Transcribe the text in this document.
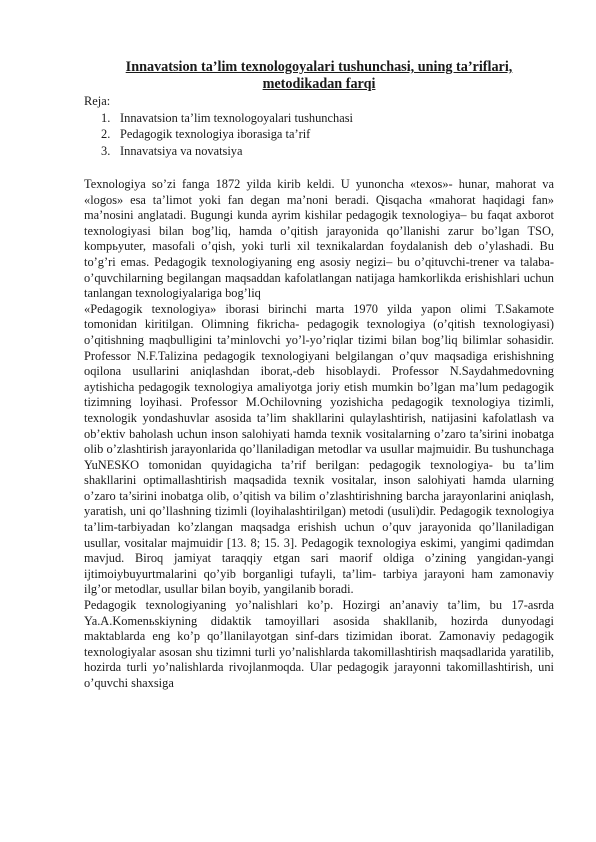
Innavatsion ta’lim texnologoyalari tushunchasi, uning ta’riflari,
metodikadan farqi
Reja:
1. Innavatsion ta’lim texnologoyalari tushunchasi
2. Pedagogik texnologiya iborasiga ta’rif
3. Innavatsiya va novatsiya

Texnologiya so’zi fanga 1872 yilda kirib keldi. U yunoncha «texos»- hunar, mahorat va «logos» esa ta’limot yoki fan degan ma’noni beradi. Qisqacha «mahorat haqidagi fan» ma’nosini anglatadi. Bugungi kunda ayrim kishilar pedagogik texnologiya– bu faqat axborot texnologiyasi bilan bog’liq, hamda o’qitish jarayonida qo’llanishi zarur bo’lgan TSO, kompьyuter, masofali o’qish, yoki turli xil texnikalardan foydalanish deb o’ylashadi. Bu to’g’ri emas. Pedagogik texnologiyaning eng asosiy negizi– bu o’qituvchi-trener va talaba-o’quvchilarning begilangan maqsaddan kafolatlangan natijaga hamkorlikda erishishlari uchun tanlangan texnologiyalariga bog’liq

«Pedagogik texnologiya» iborasi birinchi marta 1970 yilda yapon olimi T.Sakamote tomonidan kiritilgan. Olimning fikricha- pedagogik texnologiya (o’qitish texnologiyasi) o’qitishning maqbulligini ta’minlovchi yo’l-yo’riqlar tizimi bilan bog’liq bilimlar sohasidir. Professor N.F.Talizina pedagogik texnologiyani belgilangan o’quv maqsadiga erishishning oqilona usullarini aniqlashdan iborat,-deb hisoblaydi. Professor N.Saydahmedovning aytishicha pedagogik texnologiya amaliyotga joriy etish mumkin bo’lgan ma’lum pedagogik tizimning loyihasi. Professor M.Ochilovning yozishicha pedagogik texnologiya tizimli, texnologik yondashuvlar asosida ta’lim shakllarini qulaylashtirish, natijasini kafolatlash va ob’ektiv baholash uchun inson salohiyati hamda texnik vositalarning o’zaro ta’sirini inobatga olib o’zlashtirish jarayonlarida qo’llaniladigan metodlar va usullar majmuidir. Bu tushunchaga YuNESKO tomonidan quyidagicha ta’rif berilgan: pedagogik texnologiya- bu ta’lim shakllarini optimallashtirish maqsadida texnik vositalar, inson salohiyati hamda ularning o’zaro ta’sirini inobatga olib, o’qitish va bilim o’zlashtirishning barcha jarayonlarini aniqlash, yaratish, uni qo’llashning tizimli (loyihalashtirilgan) metodi (usuli)dir. Pedagogik texnologiya ta’lim-tarbiyadan ko’zlangan maqsadga erishish uchun o’quv jarayonida qo’llaniladigan usullar, vositalar majmuidir [13. 8; 15. 3]. Pedagogik texnologiya eskimi, yangimi qadimdan mavjud. Biroq jamiyat taraqqiy etgan sari maorif oldiga o’zining yangidan-yangi ijtimoiybuyurtmalarini qo’yib borganligi tufayli, ta’lim- tarbiya jarayoni ham zamonaviy ilg’or metodlar, usullar bilan boyib, yangilanib boradi.

Pedagogik texnologiyaning yo’nalishlari ko’p. Hozirgi an’anaviy ta’lim, bu 17-asrda Ya.A.Komenьskiyning didaktik tamoyillari asosida shakllanib, hozirda dunyodagi maktablarda eng ko’p qo’llanilayotgan sinf-dars tizimidan iborat. Zamonaviy pedagogik texnologiyalar asosan shu tizimni turli yo’nalishlarda takomillashtirish maqsadlarida yaratilib, hozirda turli yo’nalishlarda rivojlanmoqda. Ular pedagogik jarayonni takomillashtirish, uni o’quvchi shaxsiga
